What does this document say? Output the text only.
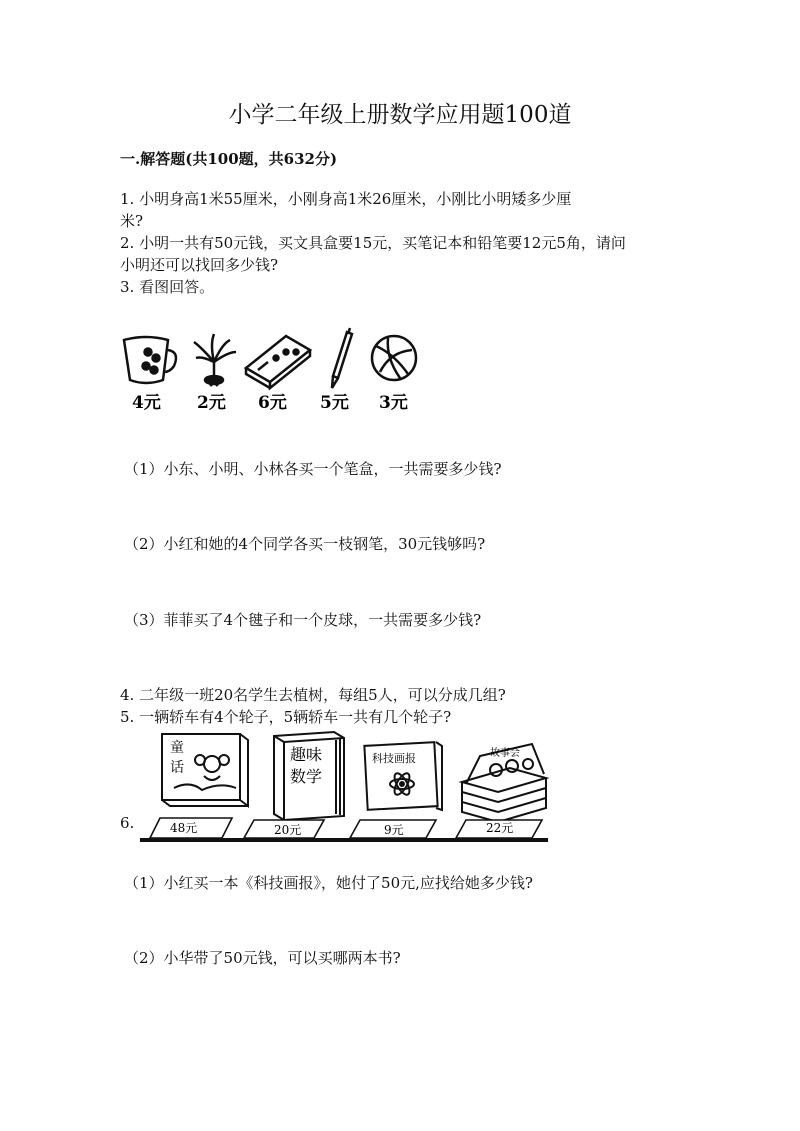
小学二年级上册数学应用题100道
一.解答题(共100题，共632分)
1. 小明身高1米55厘米，小刚身高1米26厘米，小刚比小明矮多少厘
米?
2. 小明一共有50元钱，买文具盒要15元，买笔记本和铅笔要12元5角，请问
小明还可以找回多少钱?
3. 看图回答。
4元 2元 6元 5元 3元
（1）小东、小明、小林各买一个笔盒，一共需要多少钱?
（2）小红和她的4个同学各买一枝钢笔，30元钱够吗?
（3）菲菲买了4个毽子和一个皮球，一共需要多少钱?
4. 二年级一班20名学生去植树，每组5人，可以分成几组?
5. 一辆轿车有4个轮子，5辆轿车一共有几个轮子?
童
话
趣味
数学
科技画报	故事会
48元	20元	9元	22元
6.
（1）小红买一本《科技画报》，她付了50元,应找给她多少钱?
（2）小华带了50元钱，可以买哪两本书?
